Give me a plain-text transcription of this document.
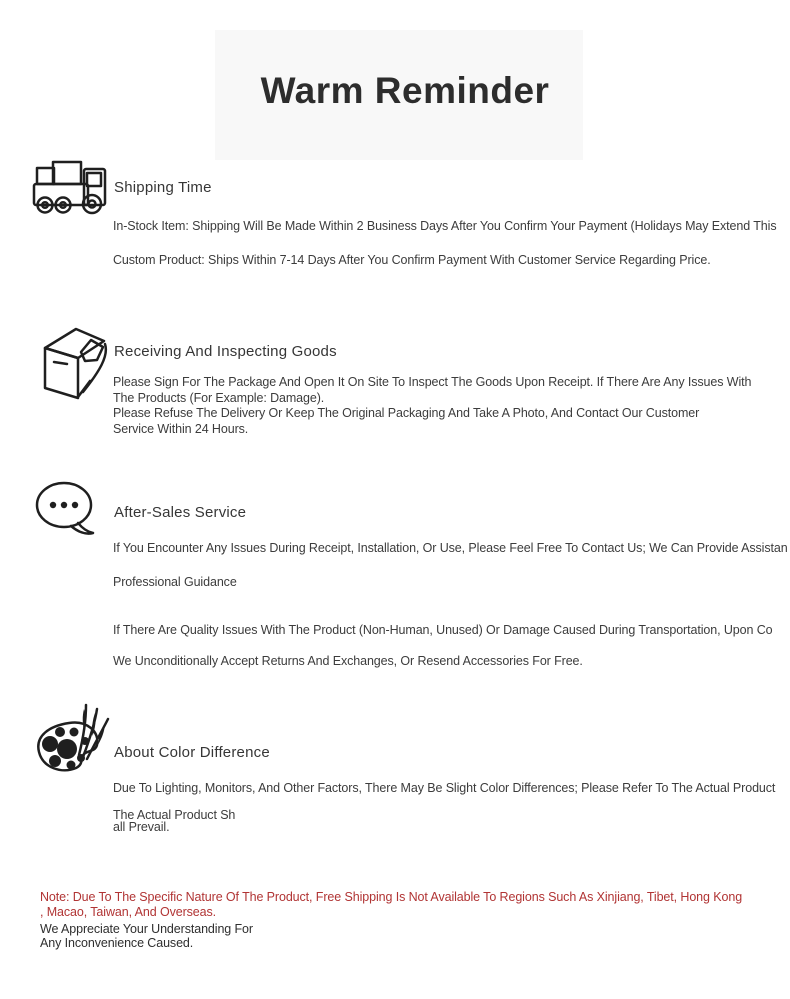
Warm Reminder
Shipping Time
In-Stock Item: Shipping Will Be Made Within 2 Business Days After You Confirm Your Payment (Holidays May Extend This
Custom Product: Ships Within 7-14 Days After You Confirm Payment With Customer Service Regarding Price.
Receiving And Inspecting Goods
Please Sign For The Package And Open It On Site To Inspect The Goods Upon Receipt. If There Are Any Issues With
The Products (For Example: Damage).
Please Refuse The Delivery Or Keep The Original Packaging And Take A Photo, And Contact Our Customer
Service Within 24 Hours.
After-Sales Service
If You Encounter Any Issues During Receipt, Installation, Or Use, Please Feel Free To Contact Us; We Can Provide Assistan
Professional Guidance
If There Are Quality Issues With The Product (Non-Human, Unused) Or Damage Caused During Transportation, Upon Co
We Unconditionally Accept Returns And Exchanges, Or Resend Accessories For Free.
About Color Difference
Due To Lighting, Monitors, And Other Factors, There May Be Slight Color Differences; Please Refer To The Actual Product
The Actual Product Sh
all Prevail.
Note: Due To The Specific Nature Of The Product, Free Shipping Is Not Available To Regions Such As Xinjiang, Tibet, Hong Kong
, Macao, Taiwan, And Overseas.
We Appreciate Your Understanding For
Any Inconvenience Caused.
